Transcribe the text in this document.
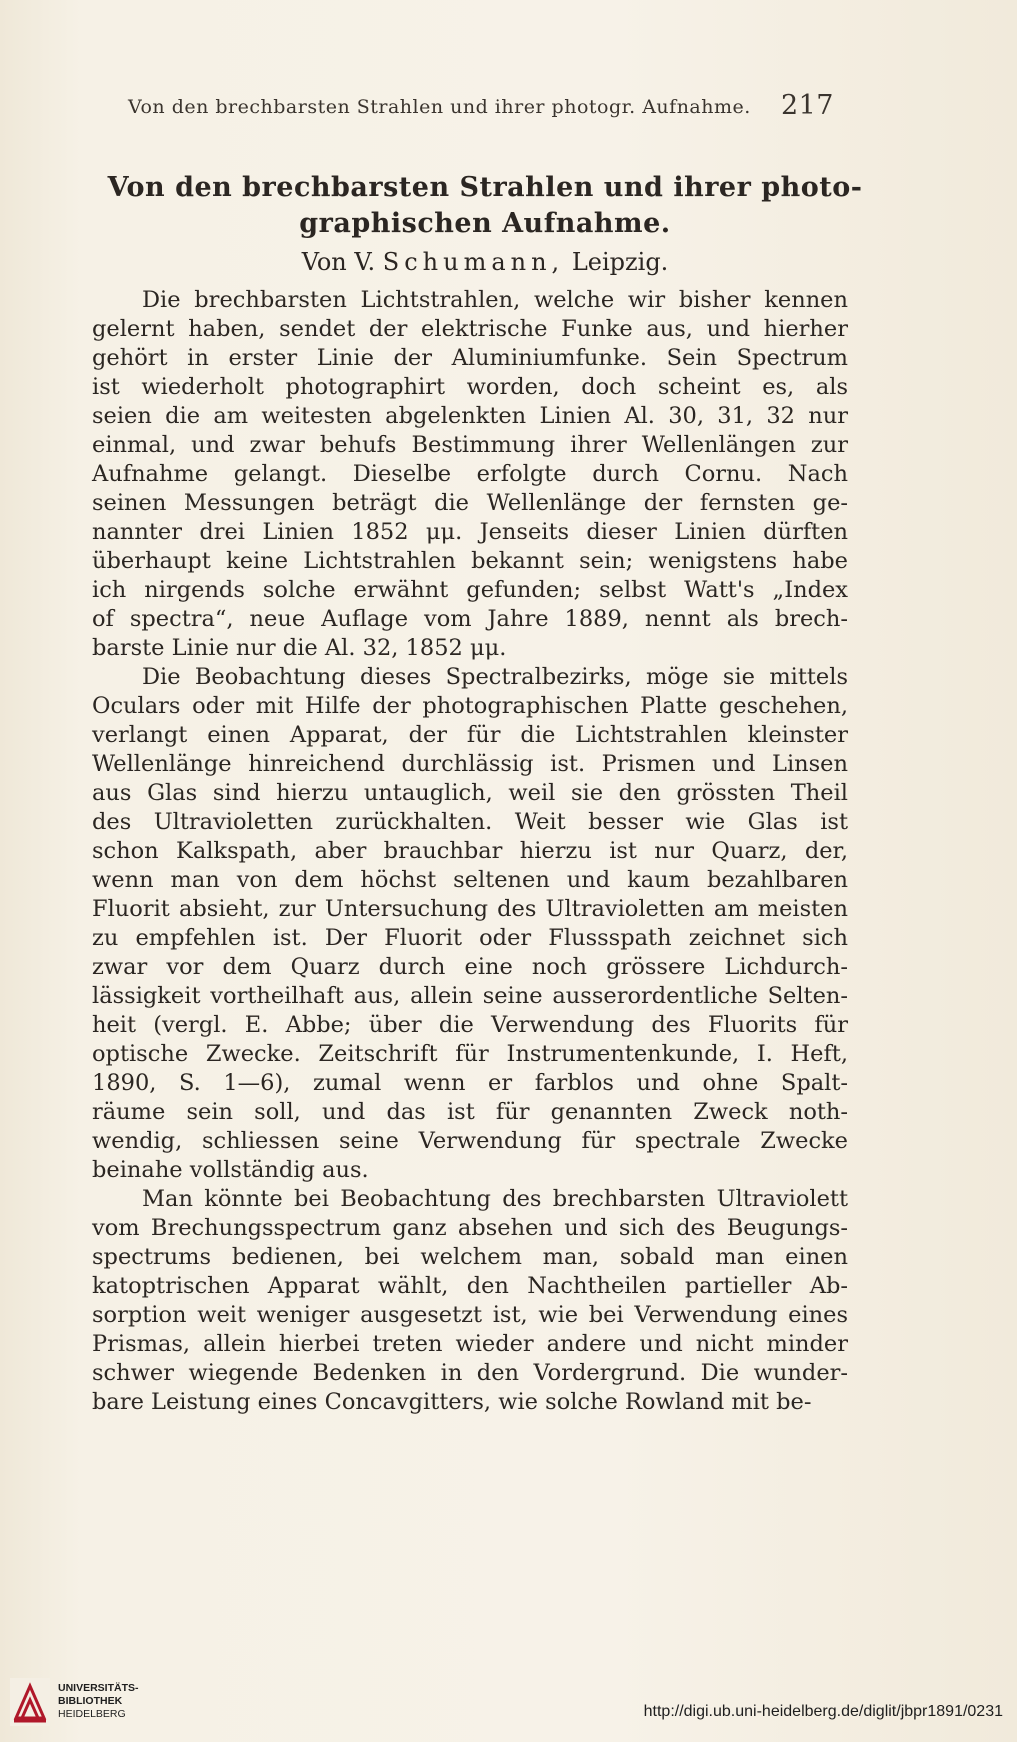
Von den brechbarsten Strahlen und ihrer photogr. Aufnahme. 217
Von den brechbarsten Strahlen und ihrer photo-
graphischen Aufnahme.
Von V. Schumann, Leipzig.
Die brechbarsten Lichtstrahlen, welche wir bisher kennen
gelernt haben, sendet der elektrische Funke aus, und hierher
gehört in erster Linie der Aluminiumfunke. Sein Spectrum
ist wiederholt photographirt worden, doch scheint es, als
seien die am weitesten abgelenkten Linien Al. 30, 31, 32 nur
einmal, und zwar behufs Bestimmung ihrer Wellenlängen zur
Aufnahme gelangt. Dieselbe erfolgte durch Cornu. Nach
seinen Messungen beträgt die Wellenlänge der fernsten ge-
nannter drei Linien 1852 μμ. Jenseits dieser Linien dürften
überhaupt keine Lichtstrahlen bekannt sein; wenigstens habe
ich nirgends solche erwähnt gefunden; selbst Watt's „Index
of spectra“, neue Auflage vom Jahre 1889, nennt als brech-
barste Linie nur die Al. 32, 1852 μμ.
Die Beobachtung dieses Spectralbezirks, möge sie mittels
Oculars oder mit Hilfe der photographischen Platte geschehen,
verlangt einen Apparat, der für die Lichtstrahlen kleinster
Wellenlänge hinreichend durchlässig ist. Prismen und Linsen
aus Glas sind hierzu untauglich, weil sie den grössten Theil
des Ultravioletten zurückhalten. Weit besser wie Glas ist
schon Kalkspath, aber brauchbar hierzu ist nur Quarz, der,
wenn man von dem höchst seltenen und kaum bezahlbaren
Fluorit absieht, zur Untersuchung des Ultravioletten am meisten
zu empfehlen ist. Der Fluorit oder Flussspath zeichnet sich
zwar vor dem Quarz durch eine noch grössere Lichdurch-
lässigkeit vortheilhaft aus, allein seine ausserordentliche Selten-
heit (vergl. E. Abbe; über die Verwendung des Fluorits für
optische Zwecke. Zeitschrift für Instrumentenkunde, I. Heft,
1890, S. 1—6), zumal wenn er farblos und ohne Spalt-
räume sein soll, und das ist für genannten Zweck noth-
wendig, schliessen seine Verwendung für spectrale Zwecke
beinahe vollständig aus.
Man könnte bei Beobachtung des brechbarsten Ultraviolett
vom Brechungsspectrum ganz absehen und sich des Beugungs-
spectrums bedienen, bei welchem man, sobald man einen
katoptrischen Apparat wählt, den Nachtheilen partieller Ab-
sorption weit weniger ausgesetzt ist, wie bei Verwendung eines
Prismas, allein hierbei treten wieder andere und nicht minder
schwer wiegende Bedenken in den Vordergrund. Die wunder-
bare Leistung eines Concavgitters, wie solche Rowland mit be-
UNIVERSITÄTS-
BIBLIOTHEK
HEIDELBERG	http://digi.ub.uni-heidelberg.de/diglit/jbpr1891/0231
